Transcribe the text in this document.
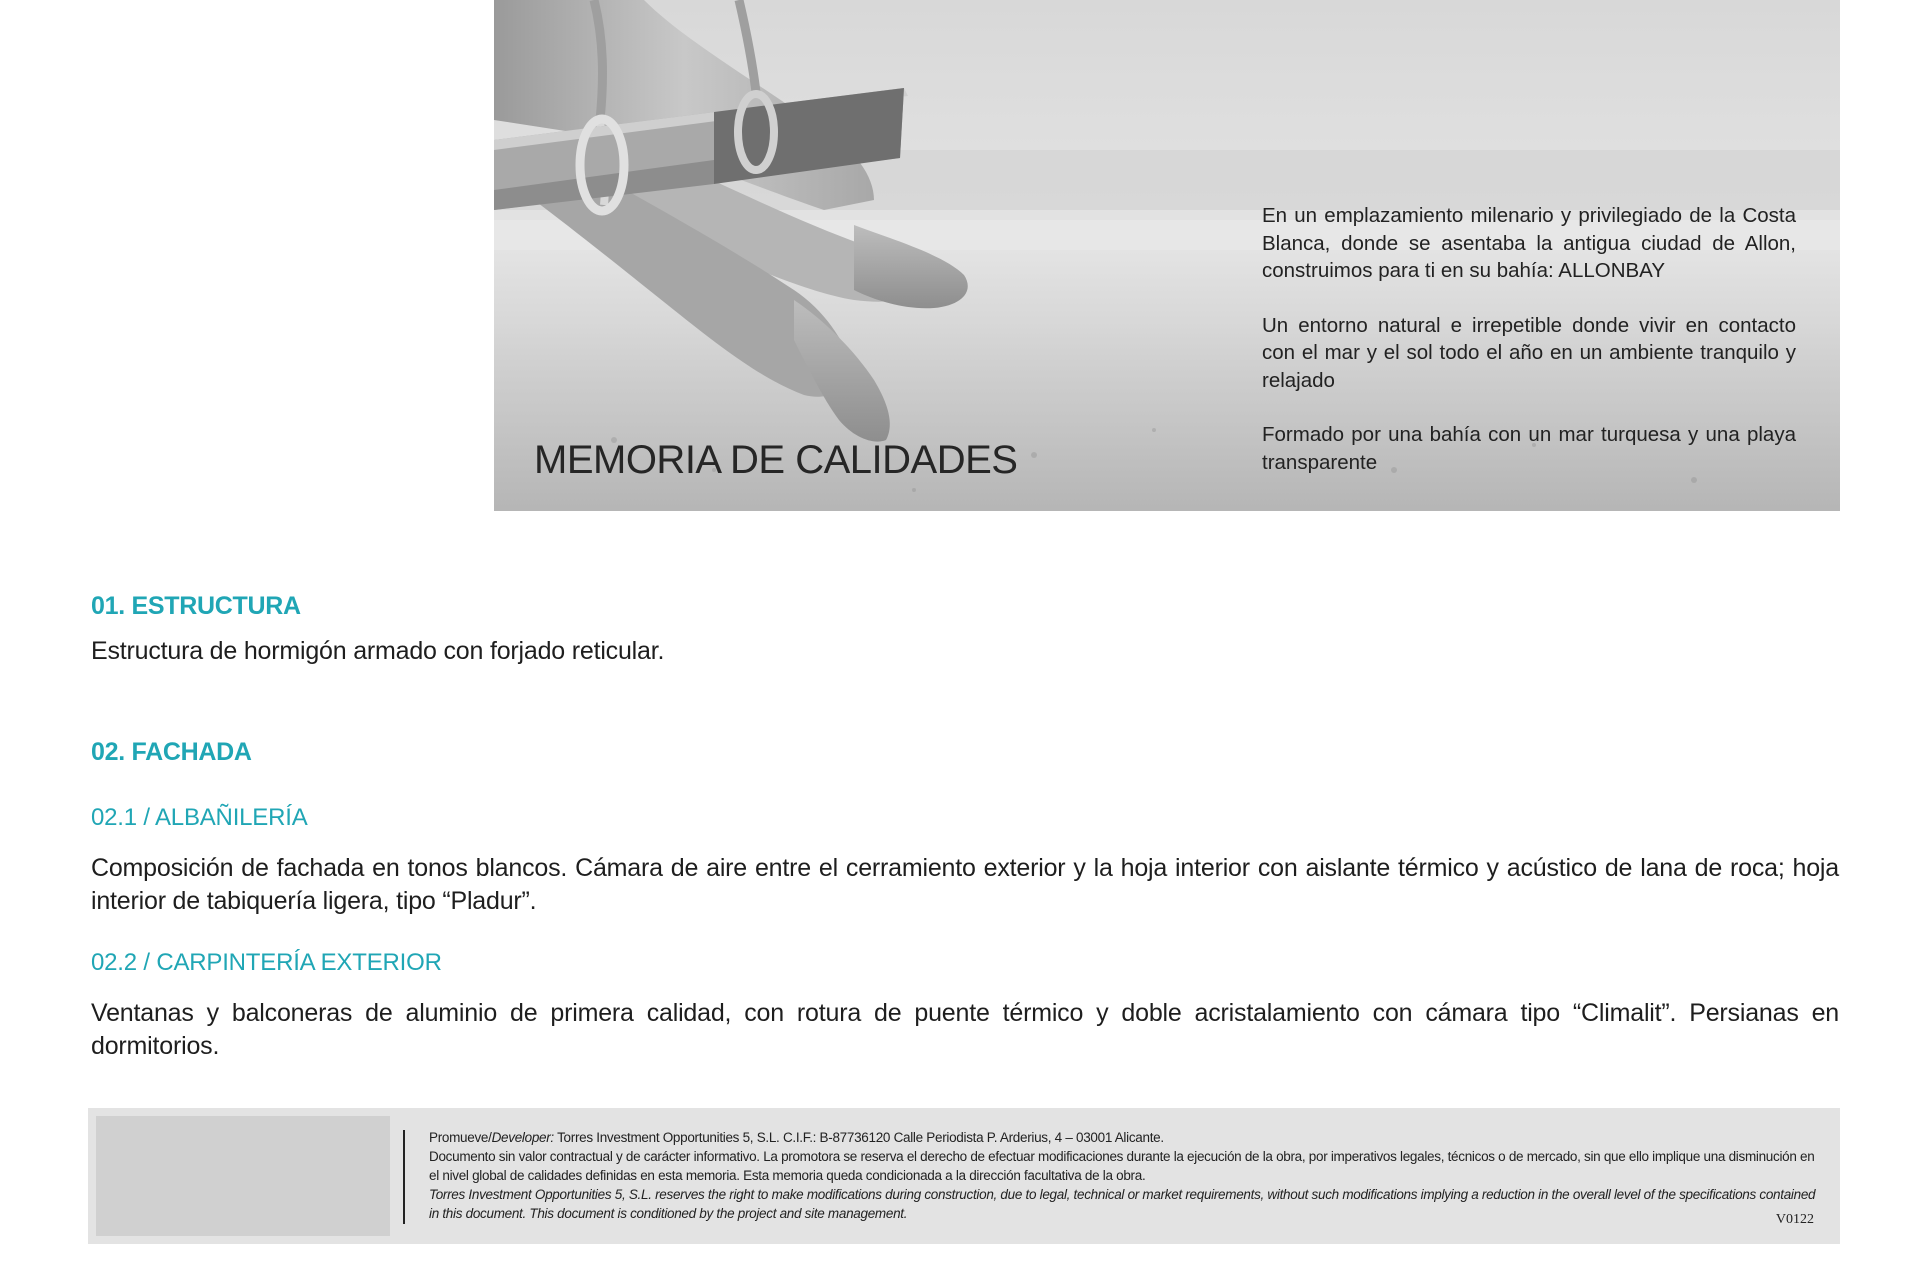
MEMORIA DE CALIDADES

En un emplazamiento milenario y privilegiado de la Costa Blanca, donde se asentaba la antigua ciudad de Allon, construimos para ti en su bahía: ALLONBAY

Un entorno natural e irrepetible donde vivir en contacto con el mar y el sol todo el año en un ambiente tranquilo y relajado

Formado por una bahía con un mar turquesa y una playa transparente

01. ESTRUCTURA
Estructura de hormigón armado con forjado reticular.
02. FACHADA
02.1 / ALBAÑILERÍA
Composición de fachada en tonos blancos. Cámara de aire entre el cerramiento exterior y la hoja interior con aislante térmico y acústico de lana de roca; hoja interior de tabiquería ligera, tipo “Pladur”.
02.2 / CARPINTERÍA EXTERIOR
Ventanas y balconeras de aluminio de primera calidad, con rotura de puente térmico y doble acristalamiento con cámara tipo “Climalit”. Persianas en dormitorios.
Promueve/Developer: Torres Investment Opportunities 5, S.L. C.I.F.: B-87736120 Calle Periodista P. Arderius, 4 – 03001 Alicante.
Documento sin valor contractual y de carácter informativo. La promotora se reserva el derecho de efectuar modificaciones durante la ejecución de la obra, por imperativos legales, técnicos o de mercado, sin que ello implique una disminución en el nivel global de calidades definidas en esta memoria. Esta memoria queda condicionada a la dirección facultativa de la obra.
Torres Investment Opportunities 5, S.L. reserves the right to make modifications during construction, due to legal, technical or market requirements, without such modifications implying a reduction in the overall level of the specifications contained in this document. This document is conditioned by the project and site management.	V0122
